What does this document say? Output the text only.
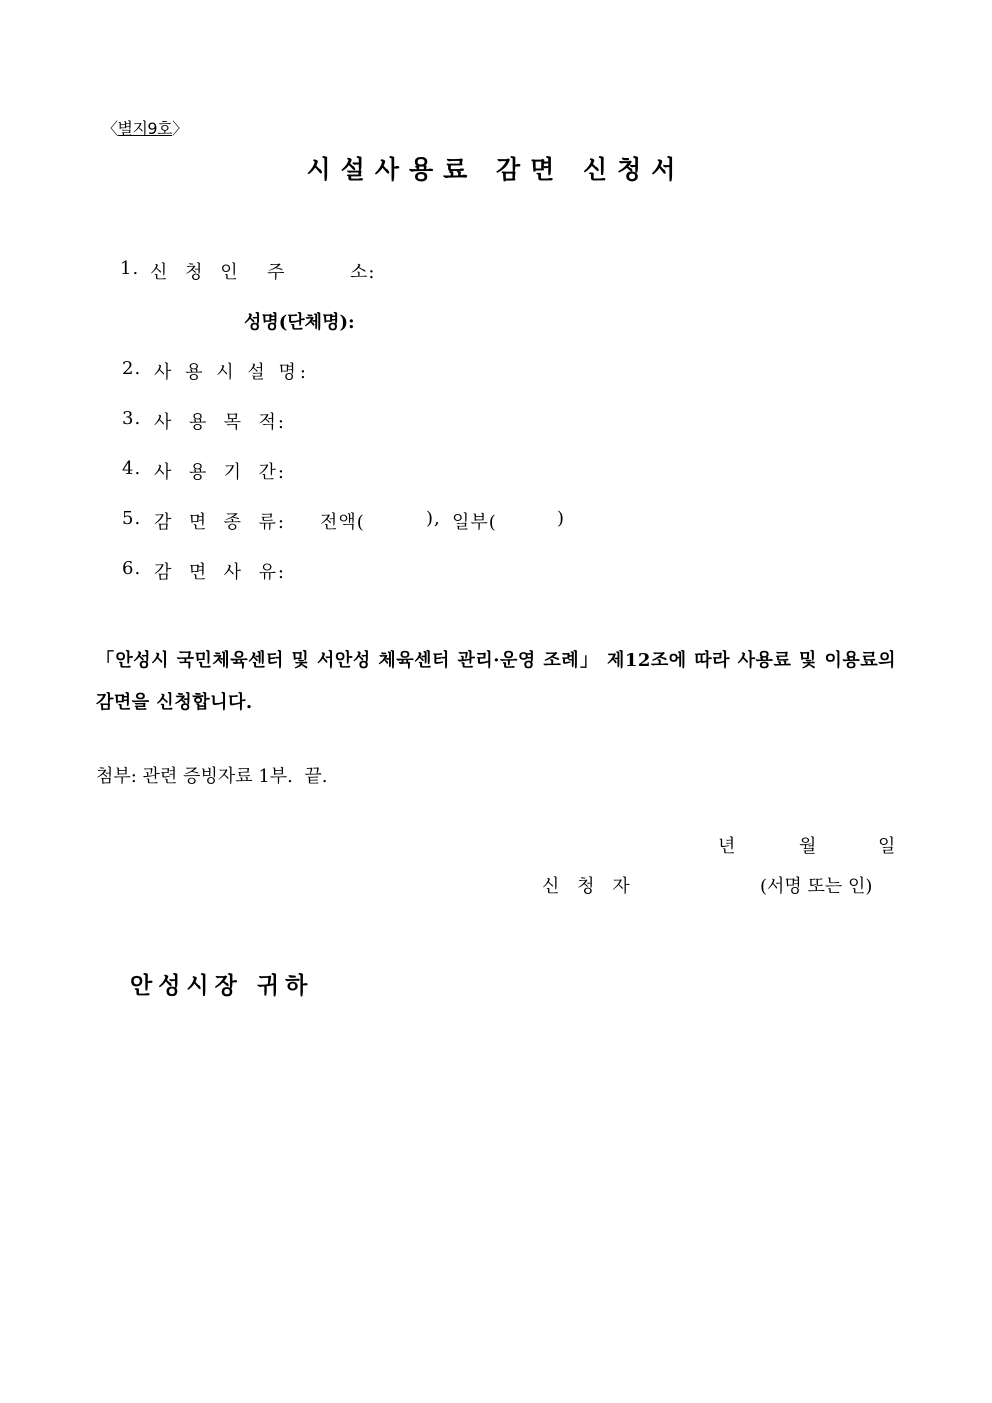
〈별지9호〉
시설사용료 감면 신청서
1. 신 청 인  주	소:
성명(단체명):
2. 사 용 시 설 명:
3. 사  용  목  적:
4. 사  용  기  간:
5. 감  면  종  류: 전액(	), 일부(	)
6. 감  면  사  유:
「안성시 국민체육센터 및 서안성 체육센터 관리·운영 조례」 제12조에 따라 사용료 및 이용료의 감면을 신청합니다.
첨부: 관련 증빙자료 1부.  끝.
년	월	일
신 청 자	(서명 또는 인)
안성시장 귀하
